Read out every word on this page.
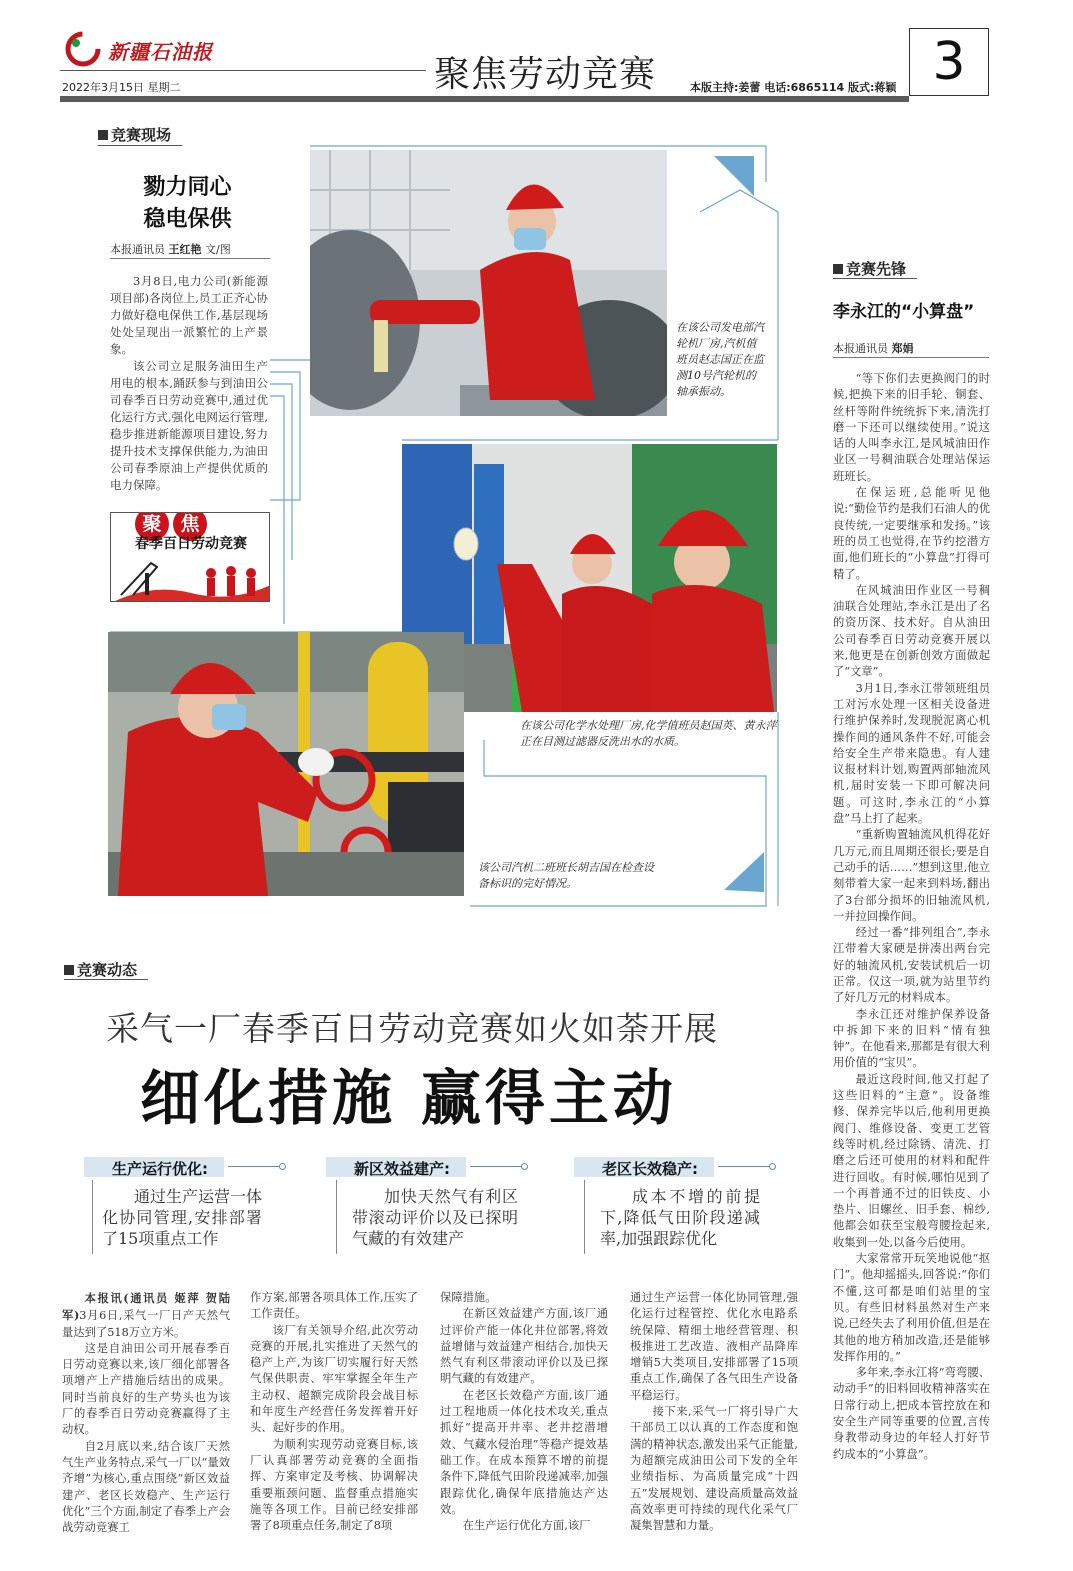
新疆石油报
2022年3月15日 星期二	聚焦劳动竞赛	本版主持:姜蕾 电话:6865114 版式:蒋颖 3
竞赛现场
勠力同心
稳电保供
本报通讯员 王红艳 文/图

3月8日,电力公司(新能源项目部)各岗位上,员工正齐心协力做好稳电保供工作,基层现场处处呈现出一派繁忙的上产景象。

该公司立足服务油田生产用电的根本,踊跃参与到油田公司春季百日劳动竞赛中,通过优化运行方式,强化电网运行管理,稳步推进新能源项目建设,努力提升技术支撑保供能力,为油田公司春季原油上产提供优质的电力保障。

聚 焦
春季百日劳动竞赛
在该公司发电部汽轮机厂房,汽机值班员赵志国正在监测10号汽轮机的轴承振动。
在该公司化学水处理厂房,化学值班员赵国英、黄永萍正在目测过滤器反洗出水的水质。
该公司汽机二班班长胡吉国在检查设备标识的完好情况。
竞赛先锋
李永江的“小算盘”
本报通讯员 郑娟

“等下你们去更换阀门的时候,把换下来的旧手轮、铜套、丝杆等附件统统拆下来,清洗打磨一下还可以继续使用。”说这话的人叫李永江,是风城油田作业区一号稠油联合处理站保运班班长。

在保运班,总能听见他说:“勤俭节约是我们石油人的优良传统,一定要继承和发扬。”该班的员工也觉得,在节约挖潜方面,他们班长的“小算盘”打得可精了。

在风城油田作业区一号稠油联合处理站,李永江是出了名的资历深、技术好。自从油田公司春季百日劳动竞赛开展以来,他更是在创新创效方面做起了“文章”。

3月1日,李永江带领班组员工对污水处理一区相关设备进行维护保养时,发现脱泥离心机操作间的通风条件不好,可能会给安全生产带来隐患。有人建议报材料计划,购置两部轴流风机,届时安装一下即可解决问题。可这时,李永江的“小算盘”马上打了起来。

“重新购置轴流风机得花好几万元,而且周期还很长;要是自己动手的话……”想到这里,他立刻带着大家一起来到料场,翻出了3台部分损坏的旧轴流风机,一并拉回操作间。

经过一番“排列组合”,李永江带着大家硬是拼凑出两台完好的轴流风机,安装试机后一切正常。仅这一项,就为站里节约了好几万元的材料成本。

李永江还对维护保养设备中拆卸下来的旧料“情有独钟”。在他看来,那都是有很大利用价值的“宝贝”。

最近这段时间,他又打起了这些旧料的“主意”。设备维修、保养完毕以后,他利用更换阀门、维修设备、变更工艺管线等时机,经过除锈、清洗、打磨之后还可使用的材料和配件进行回收。有时候,哪怕见到了一个再普通不过的旧铁皮、小垫片、旧螺丝、旧手套、棉纱,他都会如获至宝般弯腰捡起来,收集到一处,以备今后使用。

大家常常开玩笑地说他“抠门”。他却摇摇头,回答说:“你们不懂,这可都是咱们站里的宝贝。有些旧材料虽然对生产来说,已经失去了利用价值,但是在其他的地方稍加改造,还是能够发挥作用的。”

多年来,李永江将“弯弯腰、动动手”的旧料回收精神落实在日常行动上,把成本管控放在和安全生产同等重要的位置,言传身教带动身边的年轻人打好节约成本的“小算盘”。

竞赛动态
采气一厂春季百日劳动竞赛如火如荼开展
细化措施 赢得主动
生产运行优化:
通过生产运营一体化协同管理,安排部署了15项重点工作
新区效益建产:
加快天然气有利区带滚动评价以及已探明气藏的有效建产
老区长效稳产:
成本不增的前提下,降低气田阶段递减率,加强跟踪优化

本报讯(通讯员 姬萍 贺陆军)3月6日,采气一厂日产天然气量达到了518万立方米。

这是自油田公司开展春季百日劳动竞赛以来,该厂细化部署各项增产上产措施后结出的成果。同时当前良好的生产势头也为该厂的春季百日劳动竞赛赢得了主动权。

自2月底以来,结合该厂天然气生产业务特点,采气一厂以“量效齐增”为核心,重点围绕“新区效益建产、老区长效稳产、生产运行优化”三个方面,制定了春季上产会战劳动竞赛工

作方案,部署各项具体工作,压实了工作责任。

该厂有关领导介绍,此次劳动竞赛的开展,扎实推进了天然气的稳产上产,为该厂切实履行好天然气保供职责、牢牢掌握全年生产主动权、超额完成阶段会战目标和年度生产经营任务发挥着开好头、起好步的作用。

为顺利实现劳动竞赛目标,该厂认真部署劳动竞赛的全面指挥、方案审定及考核、协调解决重要瓶颈问题、监督重点措施实施等各项工作。目前已经安排部署了8项重点任务,制定了8项

保障措施。

在新区效益建产方面,该厂通过评价产能一体化井位部署,将效益增储与效益建产相结合,加快天然气有利区带滚动评价以及已探明气藏的有效建产。

在老区长效稳产方面,该厂通过工程地质一体化技术攻关,重点抓好“提高开井率、老井挖潜增效、气藏水侵治理”等稳产提效基础工作。在成本预算不增的前提条件下,降低气田阶段递减率,加强跟踪优化,确保年底措施达产达效。

在生产运行优化方面,该厂

通过生产运营一体化协同管理,强化运行过程管控、优化水电路系统保障、精细土地经营管理、积极推进工艺改造、液相产品降库增销5大类项目,安排部署了15项重点工作,确保了各气田生产设备平稳运行。

接下来,采气一厂将引导广大干部员工以认真的工作态度和饱满的精神状态,激发出采气正能量,为超额完成油田公司下发的全年业绩指标、为高质量完成“十四五”发展规划、建设高质量高效益高效率更可持续的现代化采气厂凝集智慧和力量。
